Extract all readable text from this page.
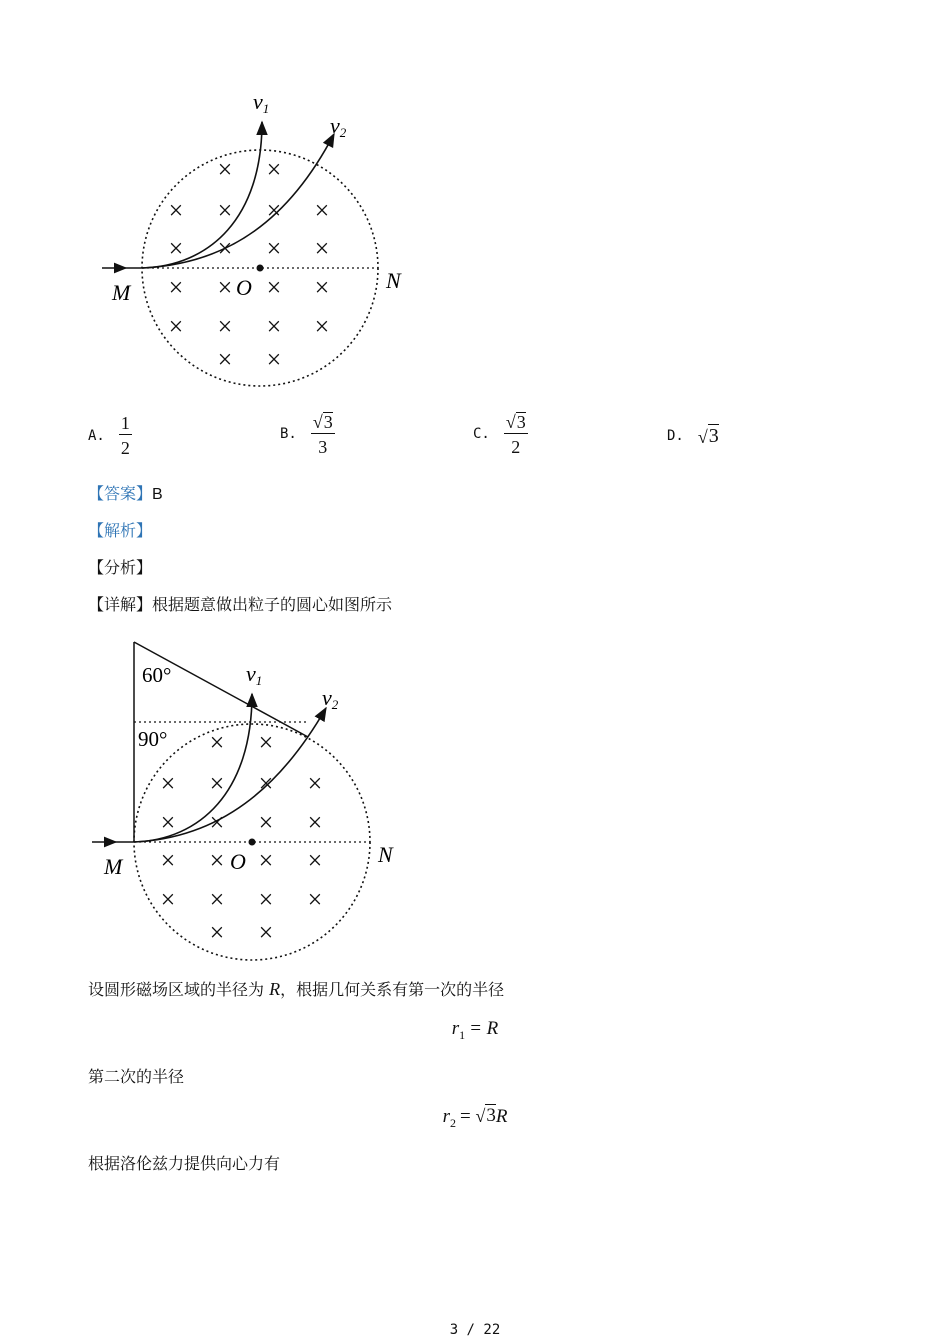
× ×
× × × ×
× × × ×
× × × ×
× × × ×
× ×
v1
v2
M	N
O
A. $\frac{1}{2}$	B. $\frac{√ 3}{3}$	C. $\frac{√ 3}{2}$	D. √ 3
【答案】B
【解析】
【分析】
【详解】根据题意做出粒子的圆心如图所示
× ×
× × × ×
× × × ×
× × × ×
× × × ×
× ×
60°
90°
v1
v2
M	N
O
设圆形磁场区域的半径为 R，根据几何关系有第一次的半径
$r_1 = R$
第二次的半径
$r_2$ = √ 3 R
根据洛伦兹力提供向心力有
3 / 22
